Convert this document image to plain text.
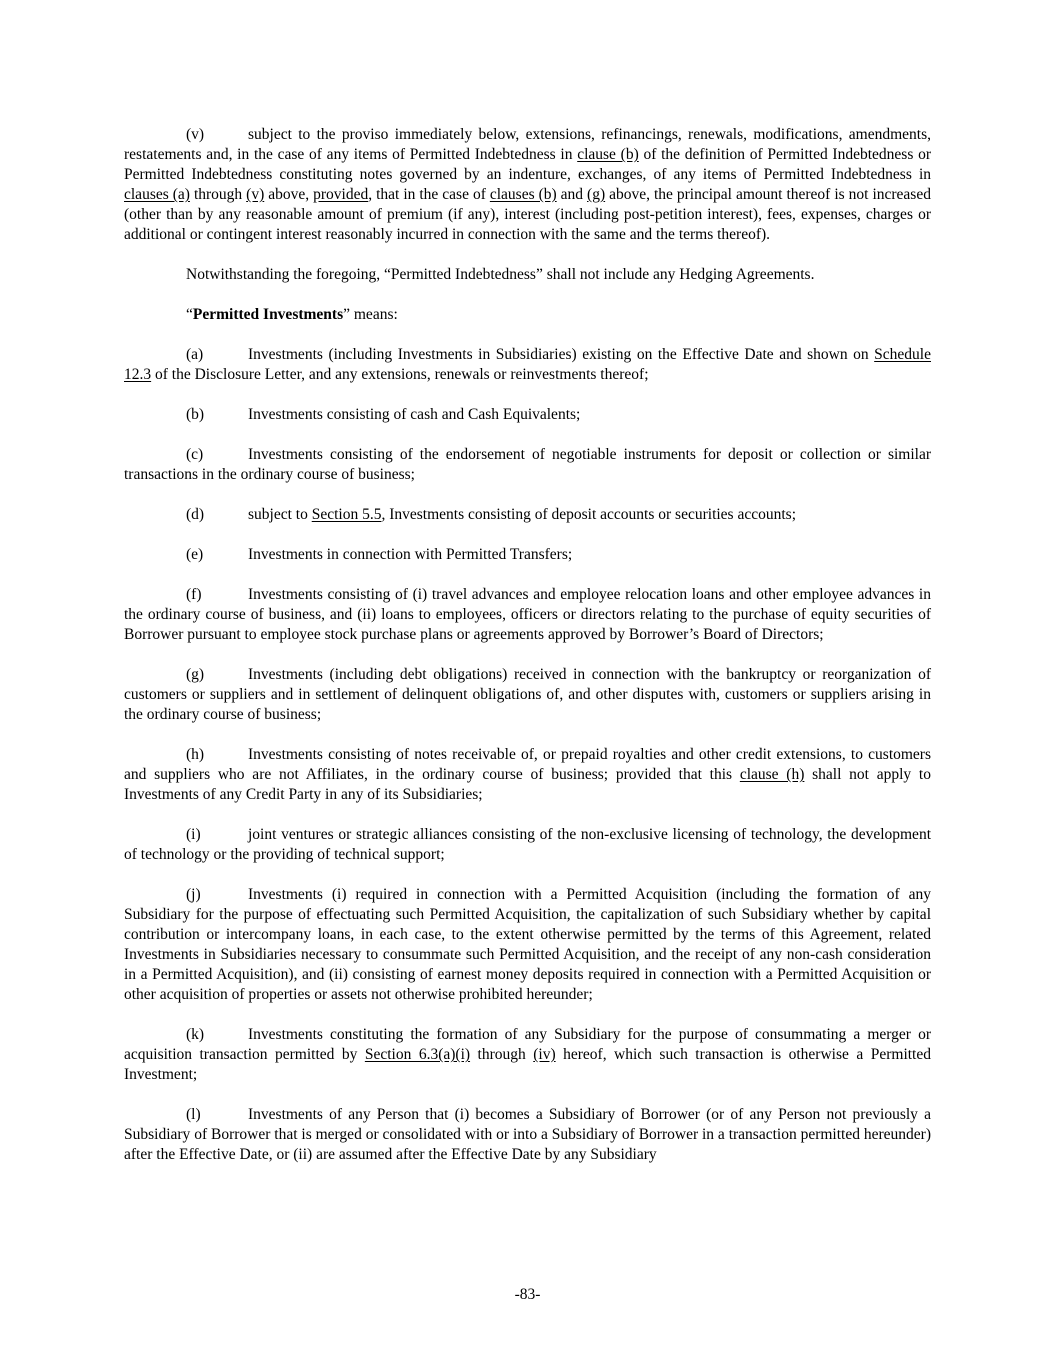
(v)	subject to the proviso immediately below, extensions, refinancings, renewals, modifications, amendments, restatements and, in the case of any items of Permitted Indebtedness in clause (b) of the definition of Permitted Indebtedness or Permitted Indebtedness constituting notes governed by an indenture, exchanges, of any items of Permitted Indebtedness in clauses (a) through (v) above, provided, that in the case of clauses (b) and (g) above, the principal amount thereof is not increased (other than by any reasonable amount of premium (if any), interest (including post-petition interest), fees, expenses, charges or additional or contingent interest reasonably incurred in connection with the same and the terms thereof).

Notwithstanding the foregoing, “Permitted Indebtedness” shall not include any Hedging Agreements.

“Permitted Investments” means:

(a)	Investments (including Investments in Subsidiaries) existing on the Effective Date and shown on Schedule 12.3 of the Disclosure Letter, and any extensions, renewals or reinvestments thereof;

(b)	Investments consisting of cash and Cash Equivalents;

(c)	Investments consisting of the endorsement of negotiable instruments for deposit or collection or similar transactions in the ordinary course of business;

(d)	subject to Section 5.5, Investments consisting of deposit accounts or securities accounts;

(e)	Investments in connection with Permitted Transfers;

(f)	Investments consisting of (i) travel advances and employee relocation loans and other employee advances in the ordinary course of business, and (ii) loans to employees, officers or directors relating to the purchase of equity securities of Borrower pursuant to employee stock purchase plans or agreements approved by Borrower’s Board of Directors;

(g)	Investments (including debt obligations) received in connection with the bankruptcy or reorganization of customers or suppliers and in settlement of delinquent obligations of, and other disputes with, customers or suppliers arising in the ordinary course of business;

(h)	Investments consisting of notes receivable of, or prepaid royalties and other credit extensions, to customers and suppliers who are not Affiliates, in the ordinary course of business; provided that this clause (h) shall not apply to Investments of any Credit Party in any of its Subsidiaries;

(i)	joint ventures or strategic alliances consisting of the non-exclusive licensing of technology, the development of technology or the providing of technical support;

(j)	Investments (i) required in connection with a Permitted Acquisition (including the formation of any Subsidiary for the purpose of effectuating such Permitted Acquisition, the capitalization of such Subsidiary whether by capital contribution or intercompany loans, in each case, to the extent otherwise permitted by the terms of this Agreement, related Investments in Subsidiaries necessary to consummate such Permitted Acquisition, and the receipt of any non-cash consideration in a Permitted Acquisition), and (ii) consisting of earnest money deposits required in connection with a Permitted Acquisition or other acquisition of properties or assets not otherwise prohibited hereunder;

(k)	Investments constituting the formation of any Subsidiary for the purpose of consummating a merger or acquisition transaction permitted by Section 6.3(a)(i) through (iv) hereof, which such transaction is otherwise a Permitted Investment;

(l)	Investments of any Person that (i) becomes a Subsidiary of Borrower (or of any Person not previously a Subsidiary of Borrower that is merged or consolidated with or into a Subsidiary of Borrower in a transaction permitted hereunder) after the Effective Date, or (ii) are assumed after the Effective Date by any Subsidiary

-83-
